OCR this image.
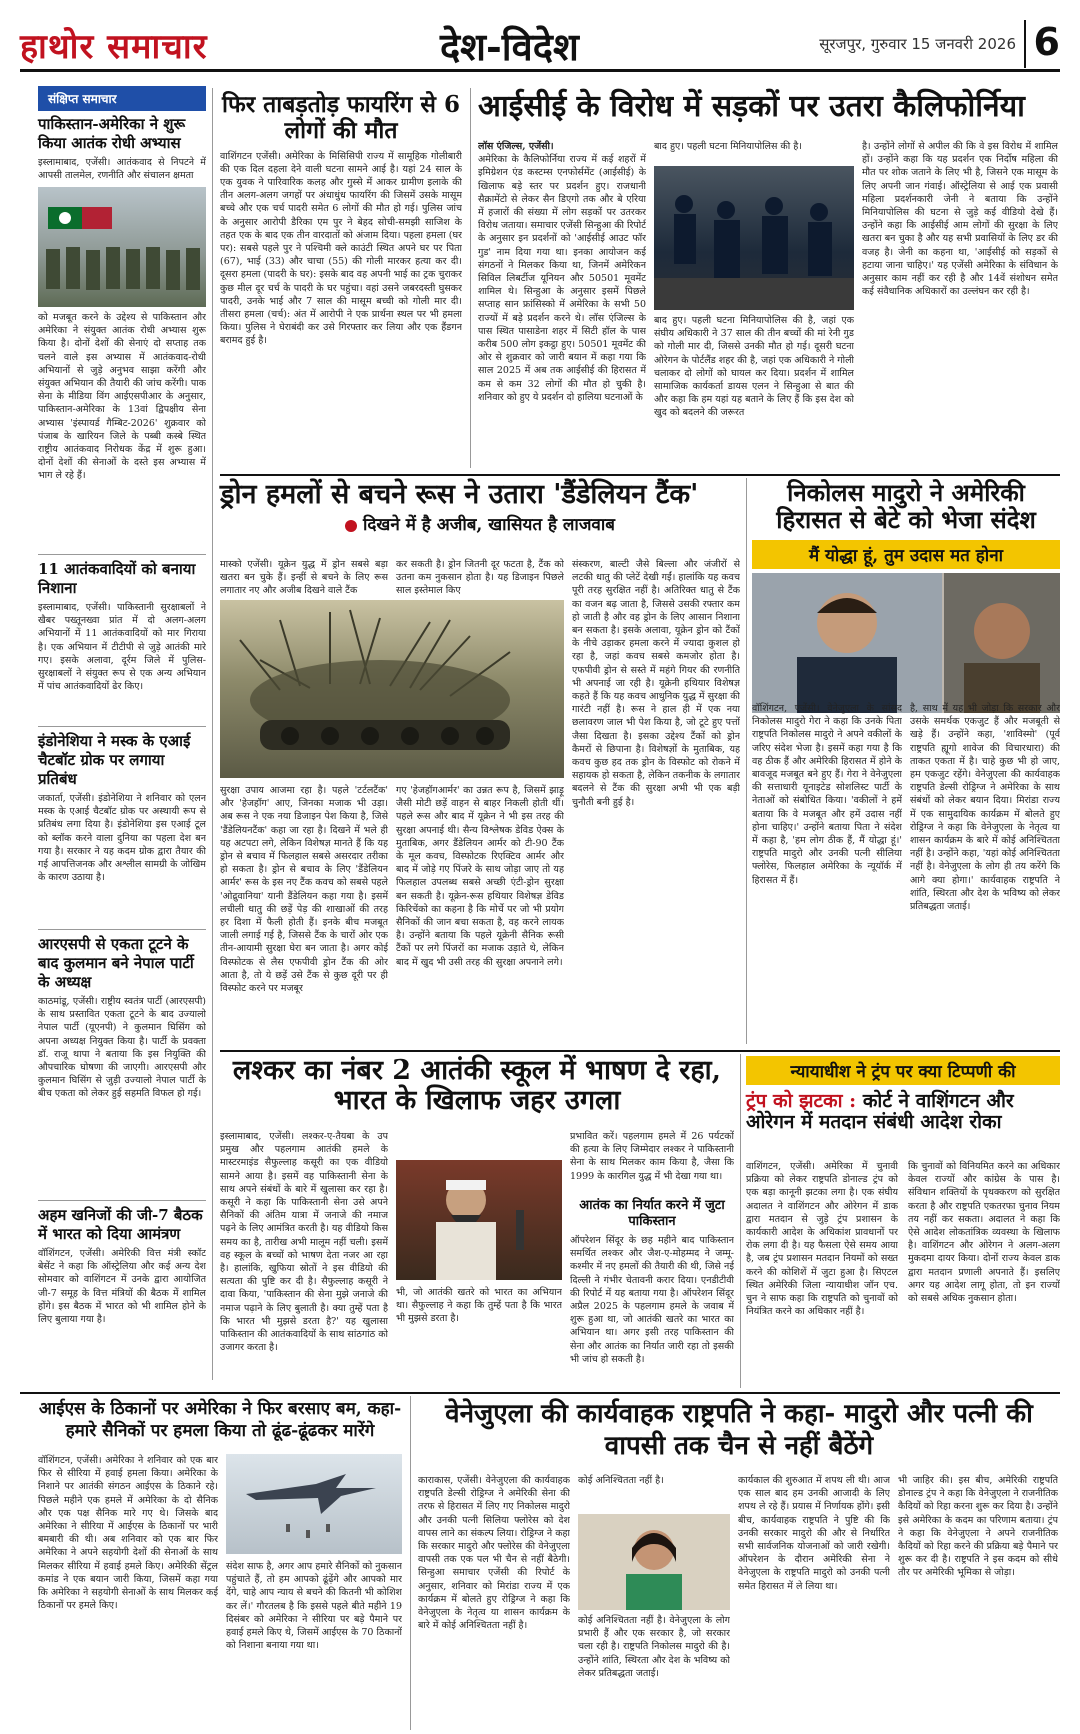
हाथोर समाचार	देश-विदेश	सूरजपुर, गुरुवार 15 जनवरी 2026 6
संक्षिप्त समाचार
पाकिस्तान-अमेरिका ने शुरू किया आतंक रोधी अभ्यास
इस्लामाबाद, एजेंसी। आतंकवाद से निपटने में आपसी तालमेल, रणनीति और संचालन क्षमता
को मजबूत करने के उद्देश्य से पाकिस्तान और अमेरिका ने संयुक्त आतंक रोधी अभ्यास शुरू किया है। दोनों देशों की सेनाएं दो सप्ताह तक चलने वाले इस अभ्यास में आतंकवाद-रोधी अभियानों से जुड़े अनुभव साझा करेंगी और संयुक्त अभियान की तैयारी की जांच करेंगी। पाक सेना के मीडिया विंग आईएसपीआर के अनुसार, पाकिस्तान-अमेरिका के 13वां द्विपक्षीय सेना अभ्यास 'इंस्पायर्ड गैम्बिट-2026' शुक्रवार को पंजाब के खारियन जिले के पब्बी कस्बे स्थित राष्ट्रीय आतंकवाद निरोधक केंद्र में शुरू हुआ। दोनों देशों की सेनाओं के दस्ते इस अभ्यास में भाग ले रहे हैं।
11 आतंकवादियों को बनाया निशाना
इस्लामाबाद, एजेंसी। पाकिस्तानी सुरक्षाबलों ने खैबर पख्तूनख्वा प्रांत में दो अलग-अलग अभियानों में 11 आतंकवादियों को मार गिराया है। एक अभियान में टीटीपी से जुड़े आतंकी मारे गए। इसके अलावा, दूर्रम जिले में पुलिस-सुरक्षाबलों ने संयुक्त रूप से एक अन्य अभियान में पांच आतंकवादियों ढेर किए।
इंडोनेशिया ने मस्क के एआई चैटबॉट ग्रोक पर लगाया प्रतिबंध
जकार्ता, एजेंसी। इंडोनेशिया ने शनिवार को एलन मस्क के एआई चैटबॉट ग्रोक पर अस्थायी रूप से प्रतिबंध लगा दिया है। इंडोनेशिया इस एआई टूल को ब्लॉक करने वाला दुनिया का पहला देश बन गया है। सरकार ने यह कदम ग्रोक द्वारा तैयार की गई आपत्तिजनक और अश्लील सामग्री के जोखिम के कारण उठाया है।
आरएसपी से एकता टूटने के बाद कुलमान बने नेपाल पार्टी के अध्यक्ष
काठमांडू, एजेंसी। राष्ट्रीय स्वतंत्र पार्टी (आरएसपी) के साथ प्रस्तावित एकता टूटने के बाद उज्यालो नेपाल पार्टी (यूएनपी) ने कुलमान घिसिंग को अपना अध्यक्ष नियुक्त किया है। पार्टी के प्रवक्ता डॉ. राजू थापा ने बताया कि इस नियुक्ति की औपचारिक घोषणा की जाएगी। आरएसपी और कुलमान घिसिंग से जुड़ी उज्यालो नेपाल पार्टी के बीच एकता को लेकर हुई सहमति विफल हो गई।
अहम खनिजों की जी-7 बैठक में भारत को दिया आमंत्रण
वॉशिंगटन, एजेंसी। अमेरिकी वित्त मंत्री स्कॉट बेसेंट ने कहा कि ऑस्ट्रेलिया और कई अन्य देश सोमवार को वाशिंगटन में उनके द्वारा आयोजित जी-7 समूह के वित्त मंत्रियों की बैठक में शामिल होंगे। इस बैठक में भारत को भी शामिल होने के लिए बुलाया गया है।
फिर ताबड़तोड़ फायरिंग से 6 लोगों की मौत
वाशिंगटन एजेंसी। अमेरिका के मिसिसिपी राज्य में सामूहिक गोलीबारी की एक दिल दहला देने वाली घटना सामने आई है। यहां 24 साल के एक युवक ने पारिवारिक कलह और गुस्से में आकर ग्रामीण इलाके की तीन अलग-अलग जगहों पर अंधाधुंध फायरिंग की जिसमें उसके मासूम बच्चे और एक चर्च पादरी समेत 6 लोगों की मौत हो गई। पुलिस जांच के अनुसार आरोपी डैरिका एम पुर ने बेहद सोची-समझी साजिश के तहत एक के बाद एक तीन वारदातों को अंजाम दिया। पहला हमला (घर पर): सबसे पहले पुर ने पश्चिमी क्ले काउंटी स्थित अपने घर पर पिता (67), भाई (33) और चाचा (55) की गोली मारकर हत्या कर दी। दूसरा हमला (पादरी के घर): इसके बाद वह अपनी भाई का ट्रक चुराकर कुछ मील दूर चर्च के पादरी के घर पहुंचा। वहां उसने जबरदस्ती घुसकर पादरी, उनके भाई और 7 साल की मासूम बच्ची को गोली मार दी। तीसरा हमला (चर्च): अंत में आरोपी ने एक प्रार्थना स्थल पर भी हमला किया। पुलिस ने घेराबंदी कर उसे गिरफ्तार कर लिया और एक हैंडगन बरामद हुई है।
आईसीई के विरोध में सड़कों पर उतरा कैलिफोर्निया
लॉस एंजिल्स, एजेंसी।
अमेरिका के कैलिफोर्निया राज्य में कई शहरों में इमिग्रेशन एंड कस्टम्स एनफोर्समेंट (आईसीई) के खिलाफ बड़े स्तर पर प्रदर्शन हुए। राजधानी सैक्रामेंटो से लेकर सैन डिएगो तक और बे एरिया में हजारों की संख्या में लोग सड़कों पर उतरकर विरोध जताया। समाचार एजेंसी सिन्हुआ की रिपोर्ट के अनुसार इन प्रदर्शनों को 'आईसीई आउट फॉर गुड' नाम दिया गया था। इनका आयोजन कई संगठनों ने मिलकर किया था, जिनमें अमेरिकन सिविल लिबर्टीज यूनियन और 50501 मूवमेंट शामिल थे। सिन्हुआ के अनुसार इसमें पिछले सप्ताह सान फ्रांसिस्को में अमेरिका के सभी 50 राज्यों में बड़े प्रदर्शन करने थे। लॉस एंजिल्स के पास स्थित पासाडेना शहर में सिटी हॉल के पास करीब 500 लोग इकट्ठा हुए। 50501 मूवमेंट की ओर से शुक्रवार को जारी बयान में कहा गया कि साल 2025 में अब तक आईसीई की हिरासत में कम से कम 32 लोगों की मौत हो चुकी है। शनिवार को हुए ये प्रदर्शन दो हालिया घटनाओं के
बाद हुए। पहली घटना मिनियापोलिस की है।
बाद हुए। पहली घटना मिनियापोलिस की है, जहां एक संघीय अधिकारी ने 37 साल की तीन बच्चों की मां रेनी गुड को गोली मार दी, जिससे उनकी मौत हो गई। दूसरी घटना ओरेगन के पोर्टलैंड शहर की है, जहां एक अधिकारी ने गोली चलाकर दो लोगों को घायल कर दिया। प्रदर्शन में शामिल सामाजिक कार्यकर्ता डायस एलन ने सिन्हुआ से बात की और कहा कि हम यहां यह बताने के लिए हैं कि इस देश को खुद को बदलने की जरूरत
है। उन्होंने लोगों से अपील की कि वे इस विरोध में शामिल हों। उन्होंने कहा कि यह प्रदर्शन एक निर्दोष महिला की मौत पर शोक जताने के लिए भी है, जिसने एक मासूम के लिए अपनी जान गंवाई। ऑस्ट्रेलिया से आई एक प्रवासी महिला प्रदर्शनकारी जेनी ने बताया कि उन्होंने मिनियापोलिस की घटना से जुड़े कई वीडियो देखे हैं। उन्होंने कहा कि आईसीई आम लोगों की सुरक्षा के लिए खतरा बन चुका है और यह सभी प्रवासियों के लिए डर की वजह है। जेनी का कहना था, 'आईसीई को सड़कों से हटाया जाना चाहिए।' यह एजेंसी अमेरिका के संविधान के अनुसार काम नहीं कर रही है और 14वें संशोधन समेत कई संवैधानिक अधिकारों का उल्लंघन कर रही है।
ड्रोन हमलों से बचने रूस ने उतारा 'डैंडेलियन टैंक'
दिखने में है अजीब, खासियत है लाजवाब
मास्को एजेंसी। यूक्रेन युद्ध में ड्रोन सबसे बड़ा खतरा बन चुके हैं। इन्हीं से बचने के लिए रूस लगातार नए और अजीब दिखने वाले टैंक
कर सकती है। ड्रोन जितनी दूर फटता है, टैंक को उतना कम नुकसान होता है। यह डिजाइन पिछले साल इस्तेमाल किए
संस्करण, बाल्टी जैसे बिल्ला और जंजीरों से लटकी धातु की प्लेटें देखी गईं। हालांकि यह कवच पूरी तरह सुरक्षित नहीं है। अतिरिक्त धातु से टैंक का वजन बढ़ जाता है, जिससे उसकी रफ्तार कम हो जाती है और वह ड्रोन के लिए आसान निशाना बन सकता है। इसके अलावा, यूक्रेन ड्रोन को टैंकों के नीचे उड़ाकर हमला करने में ज्यादा कुशल हो रहा है, जहां कवच सबसे कमजोर होता है। एफपीवी ड्रोन से सस्ते में महंगे गियर की रणनीति भी अपनाई जा रही है। यूक्रेनी हथियार विशेषज्ञ कहते हैं कि यह कवच आधुनिक युद्ध में सुरक्षा की गारंटी नहीं है। रूस ने हाल ही में एक नया छलावरण जाल भी पेश किया है, जो टूटे हुए पत्तों जैसा दिखता है। इसका उद्देश्य टैंकों को ड्रोन कैमरों से छिपाना है। विशेषज्ञों के मुताबिक, यह कवच कुछ हद तक ड्रोन के विस्फोट को रोकने में सहायक हो सकता है, लेकिन तकनीक के लगातार बदलने से टैंक की सुरक्षा अभी भी एक बड़ी चुनौती बनी हुई है।
सुरक्षा उपाय आजमा रहा है। पहले 'टर्टलटैंक' और 'हेजहॉग' आए, जिनका मजाक भी उड़ा। अब रूस ने एक नया डिजाइन पेश किया है, जिसे 'डैंडेलियनटैंक' कहा जा रहा है। दिखने में भले ही यह अटपटा लगे, लेकिन विशेषज्ञ मानते हैं कि यह ड्रोन से बचाव में फिलहाल सबसे असरदार तरीका हो सकता है। ड्रोन से बचाव के लिए 'डैंडेलियन आर्मर' रूस के इस नए टैंक कवच को सबसे पहले 'ओद्रुवानिया' यानी डैंडेलियन कहा गया है। इसमें लचीली धातु की छड़ें पेड़ की शाखाओं की तरह हर दिशा में फैली होती हैं। इनके बीच मजबूत जाली लगाई गई है, जिससे टैंक के चारों ओर एक तीन-आयामी सुरक्षा घेरा बन जाता है। अगर कोई विस्फोटक से लैस एफपीवी ड्रोन टैंक की ओर आता है, तो ये छड़ें उसे टैंक से कुछ दूरी पर ही विस्फोट करने पर मजबूर
गए 'हेजहॉगआर्मर' का उन्नत रूप है, जिसमें झाड़ू जैसी मोटी छड़ें वाहन से बाहर निकली होती थीं। पहले रूस और बाद में यूक्रेन ने भी इस तरह की सुरक्षा अपनाई थी। सैन्य विश्लेषक डेविड ऐक्स के मुताबिक, अगर डैंडेलियन आर्मर को टी-90 टैंक के मूल कवच, विस्फोटक रिएक्टिव आर्मर और बाद में जोड़े गए पिंजरे के साथ जोड़ा जाए तो यह फिलहाल उपलब्ध सबसे अच्छी एंटी-ड्रोन सुरक्षा बन सकती है। यूक्रेन-रूस हथियार विशेषज्ञ डेविड किरिचेंको का कहना है कि मोर्चे पर जो भी प्रयोग सैनिकों की जान बचा सकता है, वह करने लायक है। उन्होंने बताया कि पहले यूक्रेनी सैनिक रूसी टैंकों पर लगे पिंजरों का मजाक उड़ाते थे, लेकिन बाद में खुद भी उसी तरह की सुरक्षा अपनाने लगे।
निकोलस मादुरो ने अमेरिकी हिरासत से बेटे को भेजा संदेश
मैं योद्धा हूं, तुम उदास मत होना
वॉशिंगटन, एजेंसी। वेनेजुएला के सांसद निकोलस मादुरो गेरा ने कहा कि उनके पिता राष्ट्रपति निकोलस मादुरो ने अपने वकीलों के जरिए संदेश भेजा है। इसमें कहा गया है कि वह ठीक हैं और अमेरिकी हिरासत में होने के बावजूद मजबूत बने हुए हैं। गेरा ने वेनेजुएला की सत्ताधारी यूनाइटेड सोशलिस्ट पार्टी के नेताओं को संबोधित किया। 'वकीलों ने हमें बताया कि वे मजबूत और हमें उदास नहीं होना चाहिए।' उन्होंने बताया पिता ने संदेश में कहा है, 'हम लोग ठीक हैं, मैं योद्धा हूं।' राष्ट्रपति मादुरो और उनकी पत्नी सीलिया फ्लोरेस, फिलहाल अमेरिका के न्यूयॉर्क में हिरासत में हैं।
है, साथ में यह भी जोड़ा कि सरकार और उसके समर्थक एकजुट हैं और मजबूती से खड़े हैं। उन्होंने कहा, 'शाविस्मो' (पूर्व राष्ट्रपति ह्यूगो शावेज की विचारधारा) की ताकत एकता में है। चाहे कुछ भी हो जाए, हम एकजुट रहेंगे। वेनेजुएला की कार्यवाहक राष्ट्रपति डेल्सी रोड्रिग्ज ने अमेरिका के साथ संबंधों को लेकर बयान दिया। मिरांडा राज्य में एक सामुदायिक कार्यक्रम में बोलते हुए रोड्रिग्ज ने कहा कि वेनेजुएला के नेतृत्व या शासन कार्यक्रम के बारे में कोई अनिश्चितता नहीं है। उन्होंने कहा, 'यहां कोई अनिश्चितता नहीं है। वेनेजुएला के लोग ही तय करेंगे कि आगे क्या होगा।' कार्यवाहक राष्ट्रपति ने शांति, स्थिरता और देश के भविष्य को लेकर प्रतिबद्धता जताई।
लश्कर का नंबर 2 आतंकी स्कूल में भाषण दे रहा, भारत के खिलाफ जहर उगला
इस्लामाबाद, एजेंसी। लश्कर-ए-तैयबा के उप प्रमुख और पहलगाम आतंकी हमले के मास्टरमाइंड सैफुल्लाह कसूरी का एक वीडियो सामने आया है। इसमें वह पाकिस्तानी सेना के साथ अपने संबंधों के बारे में खुलासा कर रहा है। कसूरी ने कहा कि पाकिस्तानी सेना उसे अपने सैनिकों की अंतिम यात्रा में जनाजे की नमाज पढ़ने के लिए आमंत्रित करती है। यह वीडियो किस समय का है, तारीख अभी मालूम नहीं चली। इसमें वह स्कूल के बच्चों को भाषण देता नजर आ रहा है। हालांकि, खुफिया स्रोतों ने इस वीडियो की सत्यता की पुष्टि कर दी है। सैफुल्लाह कसूरी ने दावा किया, 'पाकिस्तान की सेना मुझे जनाजे की नमाज पढ़ाने के लिए बुलाती है। क्या तुम्हें पता है कि भारत भी मुझसे डरता है?' यह खुलासा पाकिस्तान की आतंकवादियों के साथ सांठगांठ को उजागर करता है।
भी, जो आतंकी खतरे को भारत का अभियान था। सैफुल्लाह ने कहा कि तुम्हें पता है कि भारत भी मुझसे डरता है।
प्रभावित करें। पहलगाम हमले में 26 पर्यटकों की हत्या के लिए जिम्मेदार लश्कर ने पाकिस्तानी सेना के साथ मिलकर काम किया है, जैसा कि 1999 के कारगिल युद्ध में भी देखा गया था।
आतंक का निर्यात करने में जुटा पाकिस्तान
ऑपरेशन सिंदूर के छह महीने बाद पाकिस्तान समर्थित लश्कर और जैश-ए-मोहम्मद ने जम्मू-कश्मीर में नए हमलों की तैयारी की थी, जिसे नई दिल्ली ने गंभीर चेतावनी करार दिया। एनडीटीवी की रिपोर्ट में यह बताया गया है। ऑपरेशन सिंदूर अप्रैल 2025 के पहलगाम हमले के जवाब में शुरू हुआ था, जो आतंकी खतरे का भारत का अभियान था। अगर इसी तरह पाकिस्तान की सेना और आतंक का निर्यात जारी रहा तो इसकी भी जांच हो सकती है।
न्यायाधीश ने ट्रंप पर क्या टिप्पणी की
ट्रंप को झटका : कोर्ट ने वाशिंगटन और ओरेगन में मतदान संबंधी आदेश रोका
वाशिंगटन, एजेंसी। अमेरिका में चुनावी प्रक्रिया को लेकर राष्ट्रपति डोनाल्ड ट्रंप को एक बड़ा कानूनी झटका लगा है। एक संघीय अदालत ने वाशिंगटन और ओरेगन में डाक द्वारा मतदान से जुड़े ट्रंप प्रशासन के कार्यकारी आदेश के अधिकांश प्रावधानों पर रोक लगा दी है। यह फैसला ऐसे समय आया है, जब ट्रंप प्रशासन मतदान नियमों को सख्त करने की कोशिशें में जुटा हुआ है। सिएटल स्थित अमेरिकी जिला न्यायाधीश जॉन एच. चुन ने साफ कहा कि राष्ट्रपति को चुनावों को नियंत्रित करने का अधिकार नहीं है।
कि चुनावों को विनियमित करने का अधिकार केवल राज्यों और कांग्रेस के पास है। संविधान शक्तियों के पृथक्करण को सुरक्षित करता है और राष्ट्रपति एकतरफा चुनाव नियम तय नहीं कर सकता। अदालत ने कहा कि ऐसे आदेश लोकतांत्रिक व्यवस्था के खिलाफ है। वाशिंगटन और ओरेगन ने अलग-अलग मुकदमा दायर किया। दोनों राज्य केवल डाक द्वारा मतदान प्रणाली अपनाते हैं। इसलिए अगर यह आदेश लागू होता, तो इन राज्यों को सबसे अधिक नुकसान होता।
आईएस के ठिकानों पर अमेरिका ने फिर बरसाए बम, कहा- हमारे सैनिकों पर हमला किया तो ढूंढ-ढूंढकर मारेंगे
वॉशिंगटन, एजेंसी। अमेरिका ने शनिवार को एक बार फिर से सीरिया में हवाई हमला किया। अमेरिका के निशाने पर आतंकी संगठन आईएस के ठिकाने रहे। पिछले महीने एक हमले में अमेरिका के दो सैनिक और एक पक्ष सैनिक मारे गए थे। जिसके बाद अमेरिका ने सीरिया में आईएस के ठिकानों पर भारी बमबारी की थी। अब शनिवार को एक बार फिर अमेरिका ने अपने सहयोगी देशों की सेनाओं के साथ मिलकर सीरिया में हवाई हमले किए। अमेरिकी सेंट्रल कमांड ने एक बयान जारी किया, जिसमें कहा गया कि अमेरिका ने सहयोगी सेनाओं के साथ मिलकर कई ठिकानों पर हमले किए।
संदेश साफ है, अगर आप हमारे सैनिकों को नुकसान पहुंचाते हैं, तो हम आपको ढूंढ़ेंगे और आपको मार देंगे, चाहे आप न्याय से बचने की कितनी भी कोशिश कर लें।' गौरतलब है कि इससे पहले बीते महीने 19 दिसंबर को अमेरिका ने सीरिया पर बड़े पैमाने पर हवाई हमले किए थे, जिसमें आईएस के 70 ठिकानों को निशाना बनाया गया था।
वेनेजुएला की कार्यवाहक राष्ट्रपति ने कहा- मादुरो और पत्नी की वापसी तक चैन से नहीं बैठेंगे
काराकास, एजेंसी। वेनेजुएला की कार्यवाहक राष्ट्रपति डेल्सी रोड्रिग्ज ने अमेरिकी सेना की तरफ से हिरासत में लिए गए निकोलस मादुरो और उनकी पत्नी सिलिया फ्लोरेस को देश वापस लाने का संकल्प लिया। रोड्रिग्ज ने कहा कि सरकार मादुरो और फ्लोरेस की वेनेजुएला वापसी तक एक पल भी चैन से नहीं बैठेगी। सिन्हुआ समाचार एजेंसी की रिपोर्ट के अनुसार, शनिवार को मिरांडा राज्य में एक कार्यक्रम में बोलते हुए रोड्रिग्ज ने कहा कि वेनेजुएला के नेतृत्व या शासन कार्यक्रम के बारे में कोई अनिश्चितता नहीं है।
कोई अनिश्चितता नहीं है।
कोई अनिश्चितता नहीं है। वेनेजुएला के लोग प्रभारी हैं और एक सरकार है, जो सरकार चला रही है। राष्ट्रपति निकोलस मादुरो की है। उन्होंने शांति, स्थिरता और देश के भविष्य को लेकर प्रतिबद्धता जताई।
कार्यकाल की शुरुआत में शपथ ली थी। आज एक साल बाद हम उनकी आजादी के लिए शपथ ले रहे हैं। प्रयास में निर्णायक होंगे। इसी बीच, कार्यवाहक राष्ट्रपति ने पुष्टि की कि उनकी सरकार मादुरो की और से निर्धारित सभी सार्वजनिक योजनाओं को जारी रखेगी। ऑपरेशन के दौरान अमेरिकी सेना ने वेनेजुएला के राष्ट्रपति मादुरो को उनकी पत्नी समेत हिरासत में ले लिया था।
भी जाहिर की। इस बीच, अमेरिकी राष्ट्रपति डोनाल्ड ट्रंप ने कहा कि वेनेजुएला ने राजनीतिक कैदियों को रिहा करना शुरू कर दिया है। उन्होंने इसे अमेरिका के कदम का परिणाम बताया। ट्रंप ने कहा कि वेनेजुएला ने अपने राजनीतिक कैदियों को रिहा करने की प्रक्रिया बड़े पैमाने पर शुरू कर दी है। राष्ट्रपति ने इस कदम को सीधे तौर पर अमेरिकी भूमिका से जोड़ा।
